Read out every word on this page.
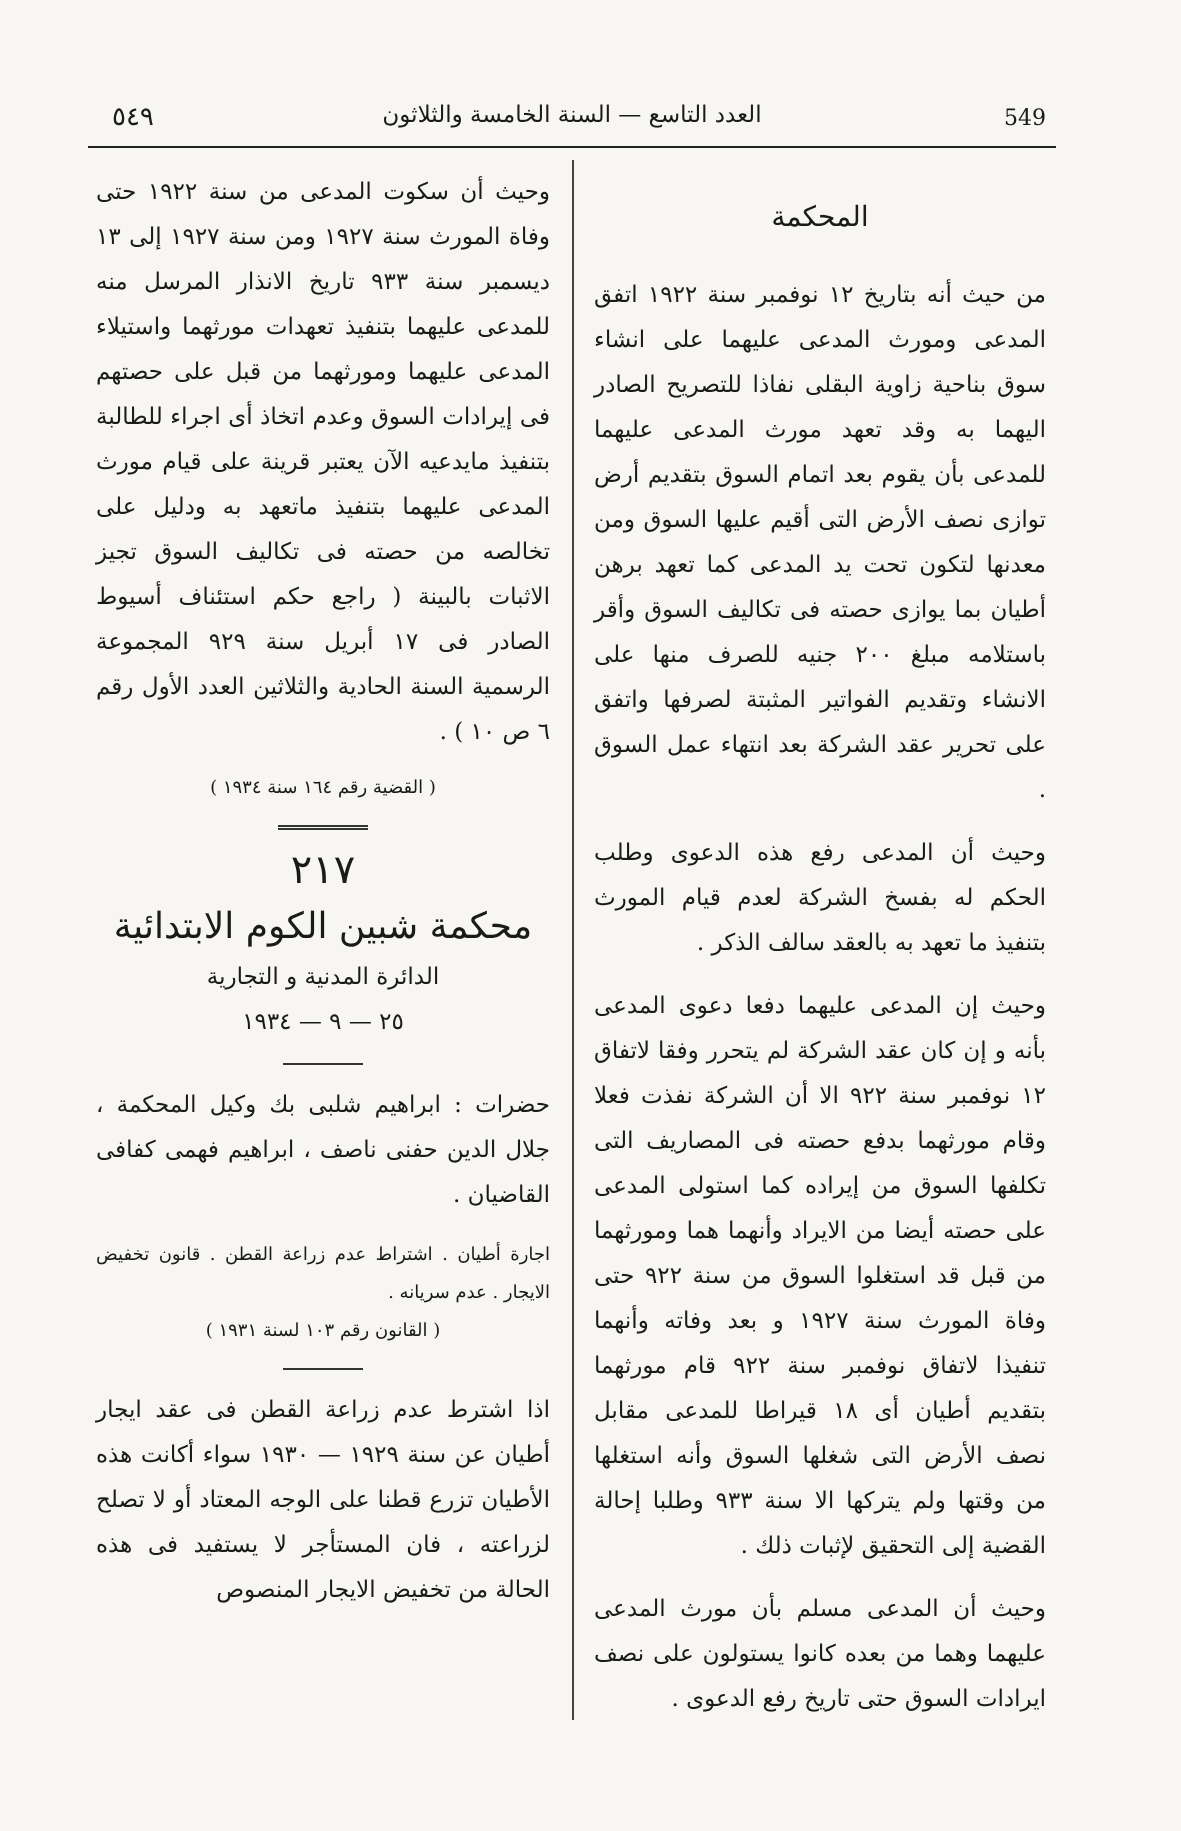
٥٤٩	العدد التاسع — السنة الخامسة والثلاثون	549

وحيث أن سكوت المدعى من سنة ١٩٢٢ حتى وفاة المورث سنة ١٩٢٧ ومن سنة ١٩٢٧ إلى ١٣ ديسمبر سنة ٩٣٣ تاريخ الانذار المرسل منه للمدعى عليهما بتنفيذ تعهدات مورثهما واستيلاء المدعى عليهما ومورثهما من قبل على حصتهم فى إيرادات السوق وعدم اتخاذ أى اجراء للطالبة بتنفيذ مايدعيه الآن يعتبر قرينة على قيام مورث المدعى عليهما بتنفيذ ماتعهد به ودليل على تخالصه من حصته فى تكاليف السوق تجيز الاثبات بالبينة ( راجع حكم استئناف أسيوط الصادر فى ١٧ أبريل سنة ٩٢٩ المجموعة الرسمية السنة الحادية والثلاثين العدد الأول رقم ٦ ص ١٠ ) .

( القضية رقم ١٦٤ سنة ١٩٣٤ )

٢١٧
محكمة شبين الكوم الابتدائية

الدائرة المدنية و التجارية

٢٥ — ٩ — ١٩٣٤

حضرات : ابراهيم شلبى بك وكيل المحكمة ، جلال الدين حفنى ناصف ، ابراهيم فهمى كفافى القاضيان .

اجارة أطيان . اشتراط عدم زراعة القطن . قانون تخفيض الايجار . عدم سريانه .

( القانون رقم ١٠٣ لسنة ١٩٣١ )

اذا اشترط عدم زراعة القطن فى عقد ايجار أطيان عن سنة ١٩٢٩ — ١٩٣٠ سواء أكانت هذه الأطيان تزرع قطنا على الوجه المعتاد أو لا تصلح لزراعته ، فان المستأجر لا يستفيد فى هذه الحالة من تخفيض الايجار المنصوص

المحكمة

من حيث أنه بتاريخ ١٢ نوفمبر سنة ١٩٢٢ اتفق المدعى ومورث المدعى عليهما على انشاء سوق بناحية زاوية البقلى نفاذا للتصريح الصادر اليهما به وقد تعهد مورث المدعى عليهما للمدعى بأن يقوم بعد اتمام السوق بتقديم أرض توازى نصف الأرض التى أقيم عليها السوق ومن معدنها لتكون تحت يد المدعى كما تعهد برهن أطيان بما يوازى حصته فى تكاليف السوق وأقر باستلامه مبلغ ٢٠٠ جنيه للصرف منها على الانشاء وتقديم الفواتير المثبتة لصرفها واتفق على تحرير عقد الشركة بعد انتهاء عمل السوق .

وحيث أن المدعى رفع هذه الدعوى وطلب الحكم له بفسخ الشركة لعدم قيام المورث بتنفيذ ما تعهد به بالعقد سالف الذكر .

وحيث إن المدعى عليهما دفعا دعوى المدعى بأنه و إن كان عقد الشركة لم يتحرر وفقا لاتفاق ١٢ نوفمبر سنة ٩٢٢ الا أن الشركة نفذت فعلا وقام مورثهما بدفع حصته فى المصاريف التى تكلفها السوق من إيراده كما استولى المدعى على حصته أيضا من الايراد وأنهما هما ومورثهما من قبل قد استغلوا السوق من سنة ٩٢٢ حتى وفاة المورث سنة ١٩٢٧ و بعد وفاته وأنهما تنفيذا لاتفاق نوفمبر سنة ٩٢٢ قام مورثهما بتقديم أطيان أى ١٨ قيراطا للمدعى مقابل نصف الأرض التى شغلها السوق وأنه استغلها من وقتها ولم يتركها الا سنة ٩٣٣ وطلبا إحالة القضية إلى التحقيق لإثبات ذلك .

وحيث أن المدعى مسلم بأن مورث المدعى عليهما وهما من بعده كانوا يستولون على نصف ايرادات السوق حتى تاريخ رفع الدعوى .
